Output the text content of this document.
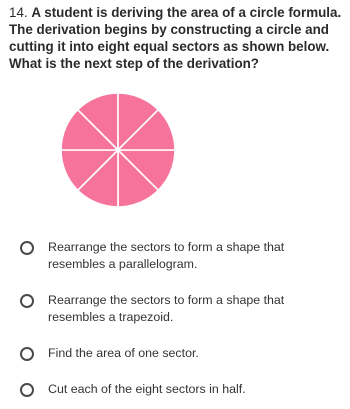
14. A student is deriving the area of a circle formula. The derivation begins by constructing a circle and cutting it into eight equal sectors as shown below. What is the next step of the derivation?
Rearrange the sectors to form a shape that resembles a parallelogram.
Rearrange the sectors to form a shape that resembles a trapezoid.
Find the area of one sector.
Cut each of the eight sectors in half.
